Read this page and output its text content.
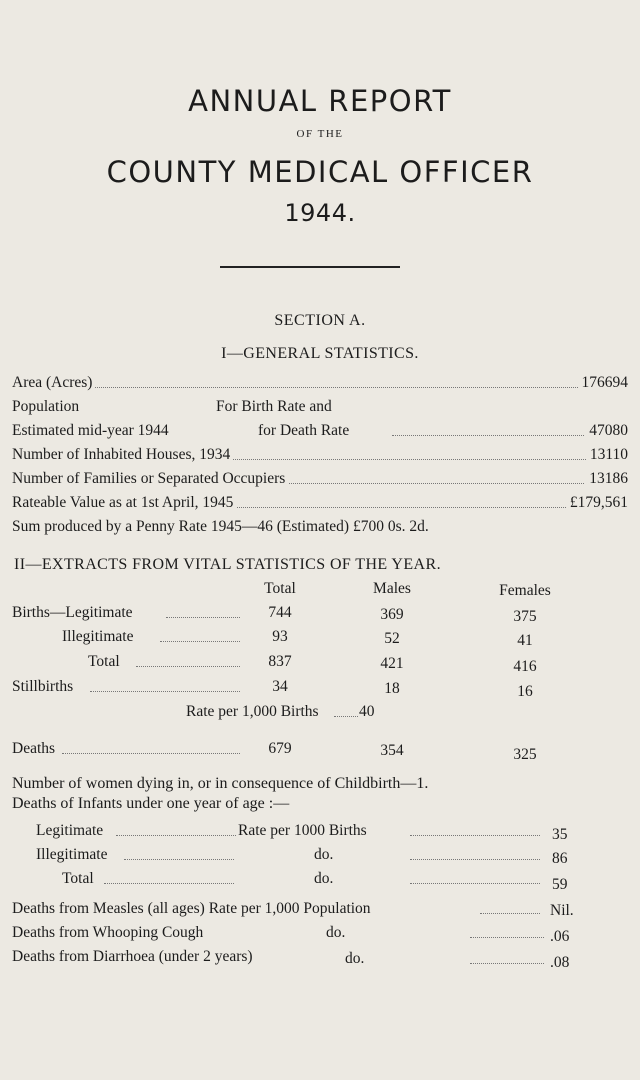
ANNUAL REPORT
OF THE
COUNTY MEDICAL OFFICER
1944.
SECTION A.
I—GENERAL STATISTICS.
Area (Acres)	176694
Population	For Birth Rate and
Estimated mid-year 1944	47080
for Death Rate
Number of Inhabited Houses, 1934	13110
Number of Families or Separated Occupiers	13186
Rateable Value as at 1st April, 1945	£179,561
Sum produced by a Penny Rate 1945—46 (Estimated) £700 0s. 2d.
II—EXTRACTS FROM VITAL STATISTICS OF THE YEAR.
Total	Males	Females
Births—Legitimate	744	369	375
Illegitimate	93	52	41
Total	837	421	416
Stillbirths	34	18	16
Rate per 1,000 Births	40
Deaths	679	354	325
Number of women dying in, or in consequence of Childbirth—1.
Deaths of Infants under one year of age :—
Legitimate	Rate per 1000 Births	35
Illegitimate	do.	86
Total	do.	59
Deaths from Measles (all ages) Rate per 1,000 Population	Nil.
Deaths from Whooping Cough	do.	.06
Deaths from Diarrhoea (under 2 years)	do.	.08
